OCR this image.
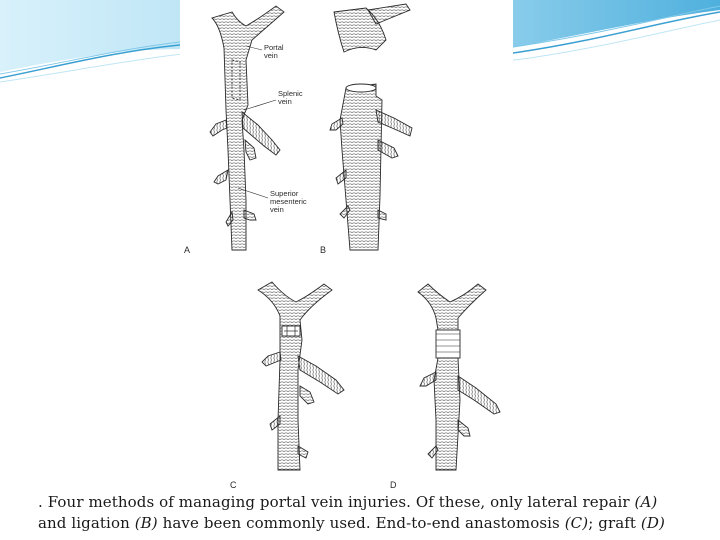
Portal vein
Splenic vein
Superior mesenteric vein
A	B
C	D
. Four methods of managing portal vein injuries. Of these, only lateral repair (A)
and ligation (B) have been commonly used. End-to-end anastomosis (C); graft (D)
